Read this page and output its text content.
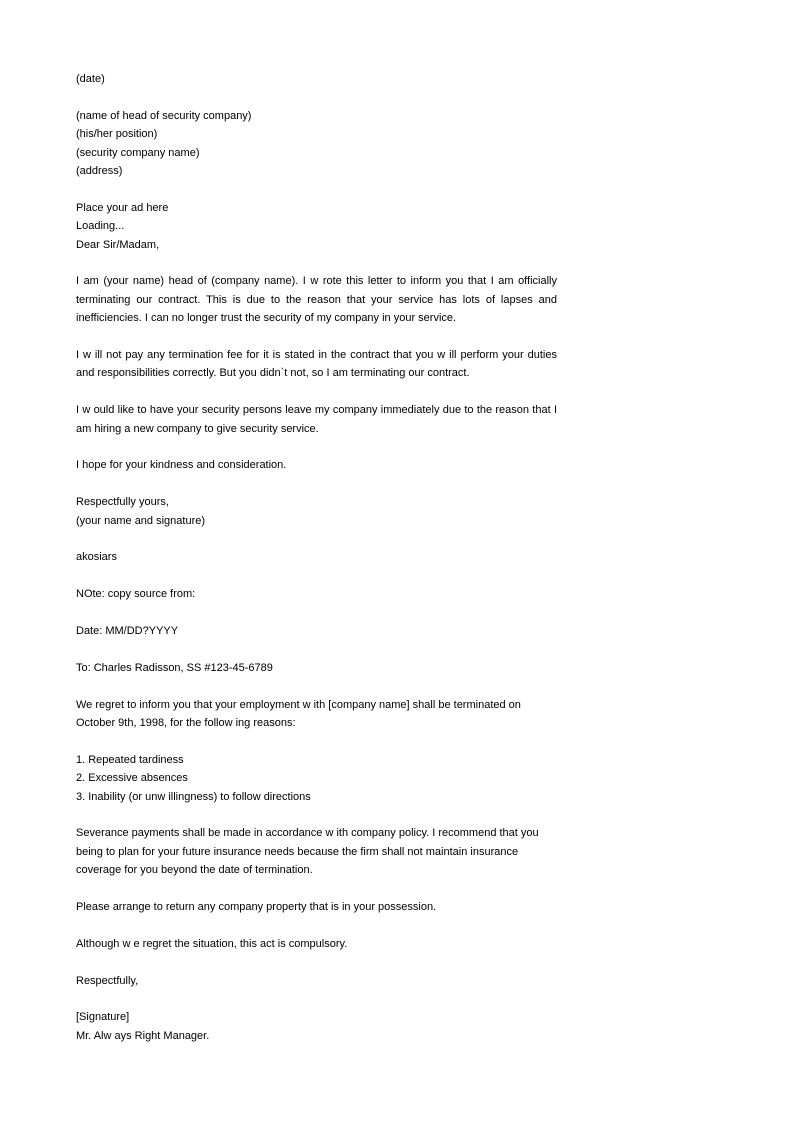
(date)

(name of head of security company)

(his/her position)

(security company name)

(address)

Place your ad here

Loading...

Dear Sir/Madam,

I am (your name) head of (company name). I w rote this letter to inform you that I am officially terminating our contract. This is due to the reason that your service has lots of lapses and inefficiencies. I can no longer trust the security of my company in your service.

I w ill not pay any termination fee for it is stated in the contract that you w ill perform your duties and responsibilities correctly. But you didn`t not, so I am terminating our contract.

I w ould like to have your security persons leave my company immediately due to the reason that I am hiring a new company to give security service.

I hope for your kindness and consideration.

Respectfully yours,

(your name and signature)

akosiars

NOte: copy source from:

Date: MM/DD?YYYY

To: Charles Radisson, SS #123-45-6789

We regret to inform you that your employment w ith [company name] shall be terminated on October 9th, 1998, for the follow ing reasons:

1. Repeated tardiness

2. Excessive absences

3. Inability (or unw illingness) to follow directions

Severance payments shall be made in accordance w ith company policy. I recommend that you being to plan for your future insurance needs because the firm shall not maintain insurance coverage for you beyond the date of termination.

Please arrange to return any company property that is in your possession.

Although w e regret the situation, this act is compulsory.

Respectfully,

[Signature]

Mr. Alw ays Right Manager.
